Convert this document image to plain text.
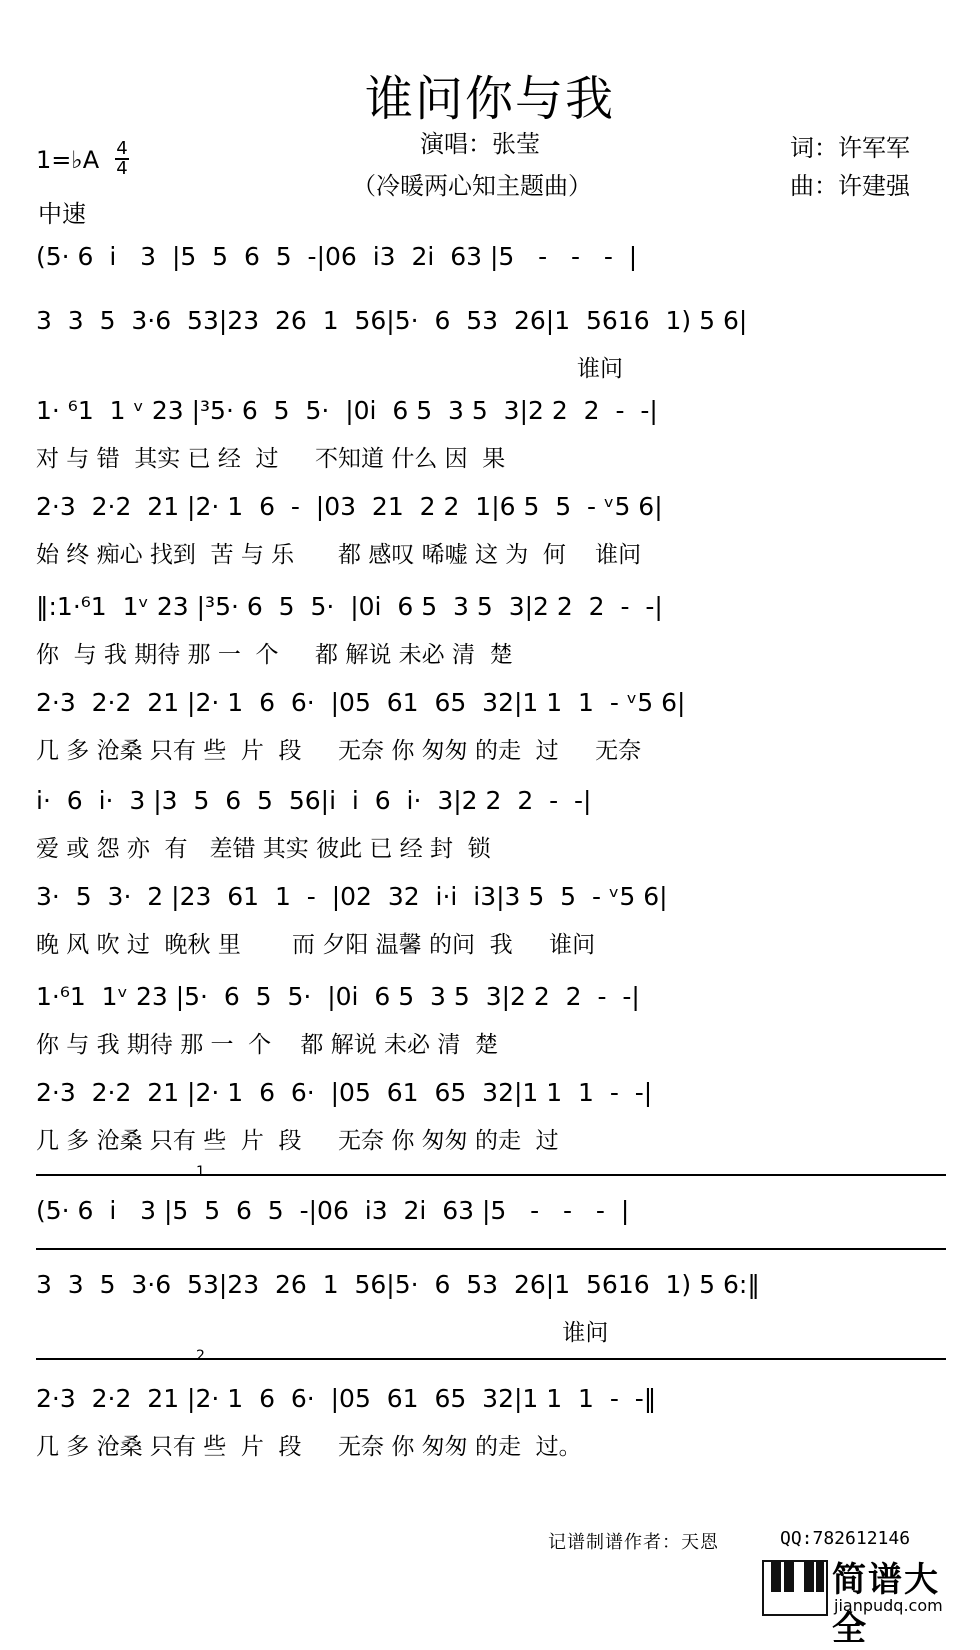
谁问你与我
演唱：张莹
（冷暖两心知主题曲）
词：许军军
曲：许建强
1=♭A 4
4
中速
(5· 6  i   3  |5  5  6  5  -|06  i3  2i  63 |5   -   -   -  |
3  3  5  3·6  53|23  26  1  56|5·  6  53  26|1  5616  1) 5 6|
谁问
1· ⁶1  1 ᵛ 23 |³5· 6  5  5·  |0i  6 5  3 5  3|2 2  2  -  -|
对 与 错  其实 已 经  过     不知道 什么 因  果
2·3  2·2  21 |2· 1  6  -  |03  21  2 2  1|6 5  5  - ᵛ5 6|
始 终 痴心 找到  苦 与 乐      都 感叹 唏嘘 这 为  何    谁问
‖:1·⁶1  1ᵛ 23 |³5· 6  5  5·  |0i  6 5  3 5  3|2 2  2  -  -|
你  与 我 期待 那 一  个     都 解说 未必 清  楚
2·3  2·2  21 |2· 1  6  6·  |05  61  65  32|1 1  1  - ᵛ5 6|
几 多 沧桑 只有 些  片  段     无奈 你 匆匆 的走  过     无奈
i·  6  i·  3 |3  5  6  5  56|i  i  6  i·  3|2 2  2  -  -|
爱 或 怨 亦  有   差错 其实 彼此 已 经 封  锁
3·  5  3·  2 |23  61  1  -  |02  32  i·i  i3|3 5  5  - ᵛ5 6|
晚 风 吹 过  晚秋 里       而 夕阳 温馨 的问  我     谁问
1·⁶1  1ᵛ 23 |5·  6  5  5·  |0i  6 5  3 5  3|2 2  2  -  -|
你 与 我 期待 那 一  个    都 解说 未必 清  楚
2·3  2·2  21 |2· 1  6  6·  |05  61  65  32|1 1  1  -  -|
几 多 沧桑 只有 些  片  段     无奈 你 匆匆 的走  过
1
(5· 6  i   3 |5  5  6  5  -|06  i3  2i  63 |5   -   -   -  |
3  3  5  3·6  53|23  26  1  56|5·  6  53  26|1  5616  1) 5 6:‖
谁问
2
2·3  2·2  21 |2· 1  6  6·  |05  61  65  32|1 1  1  -  -‖
几 多 沧桑 只有 些  片  段     无奈 你 匆匆 的走  过。
记谱制谱作者：天恩	QQ:782612146
简谱大全
jianpudq.com
